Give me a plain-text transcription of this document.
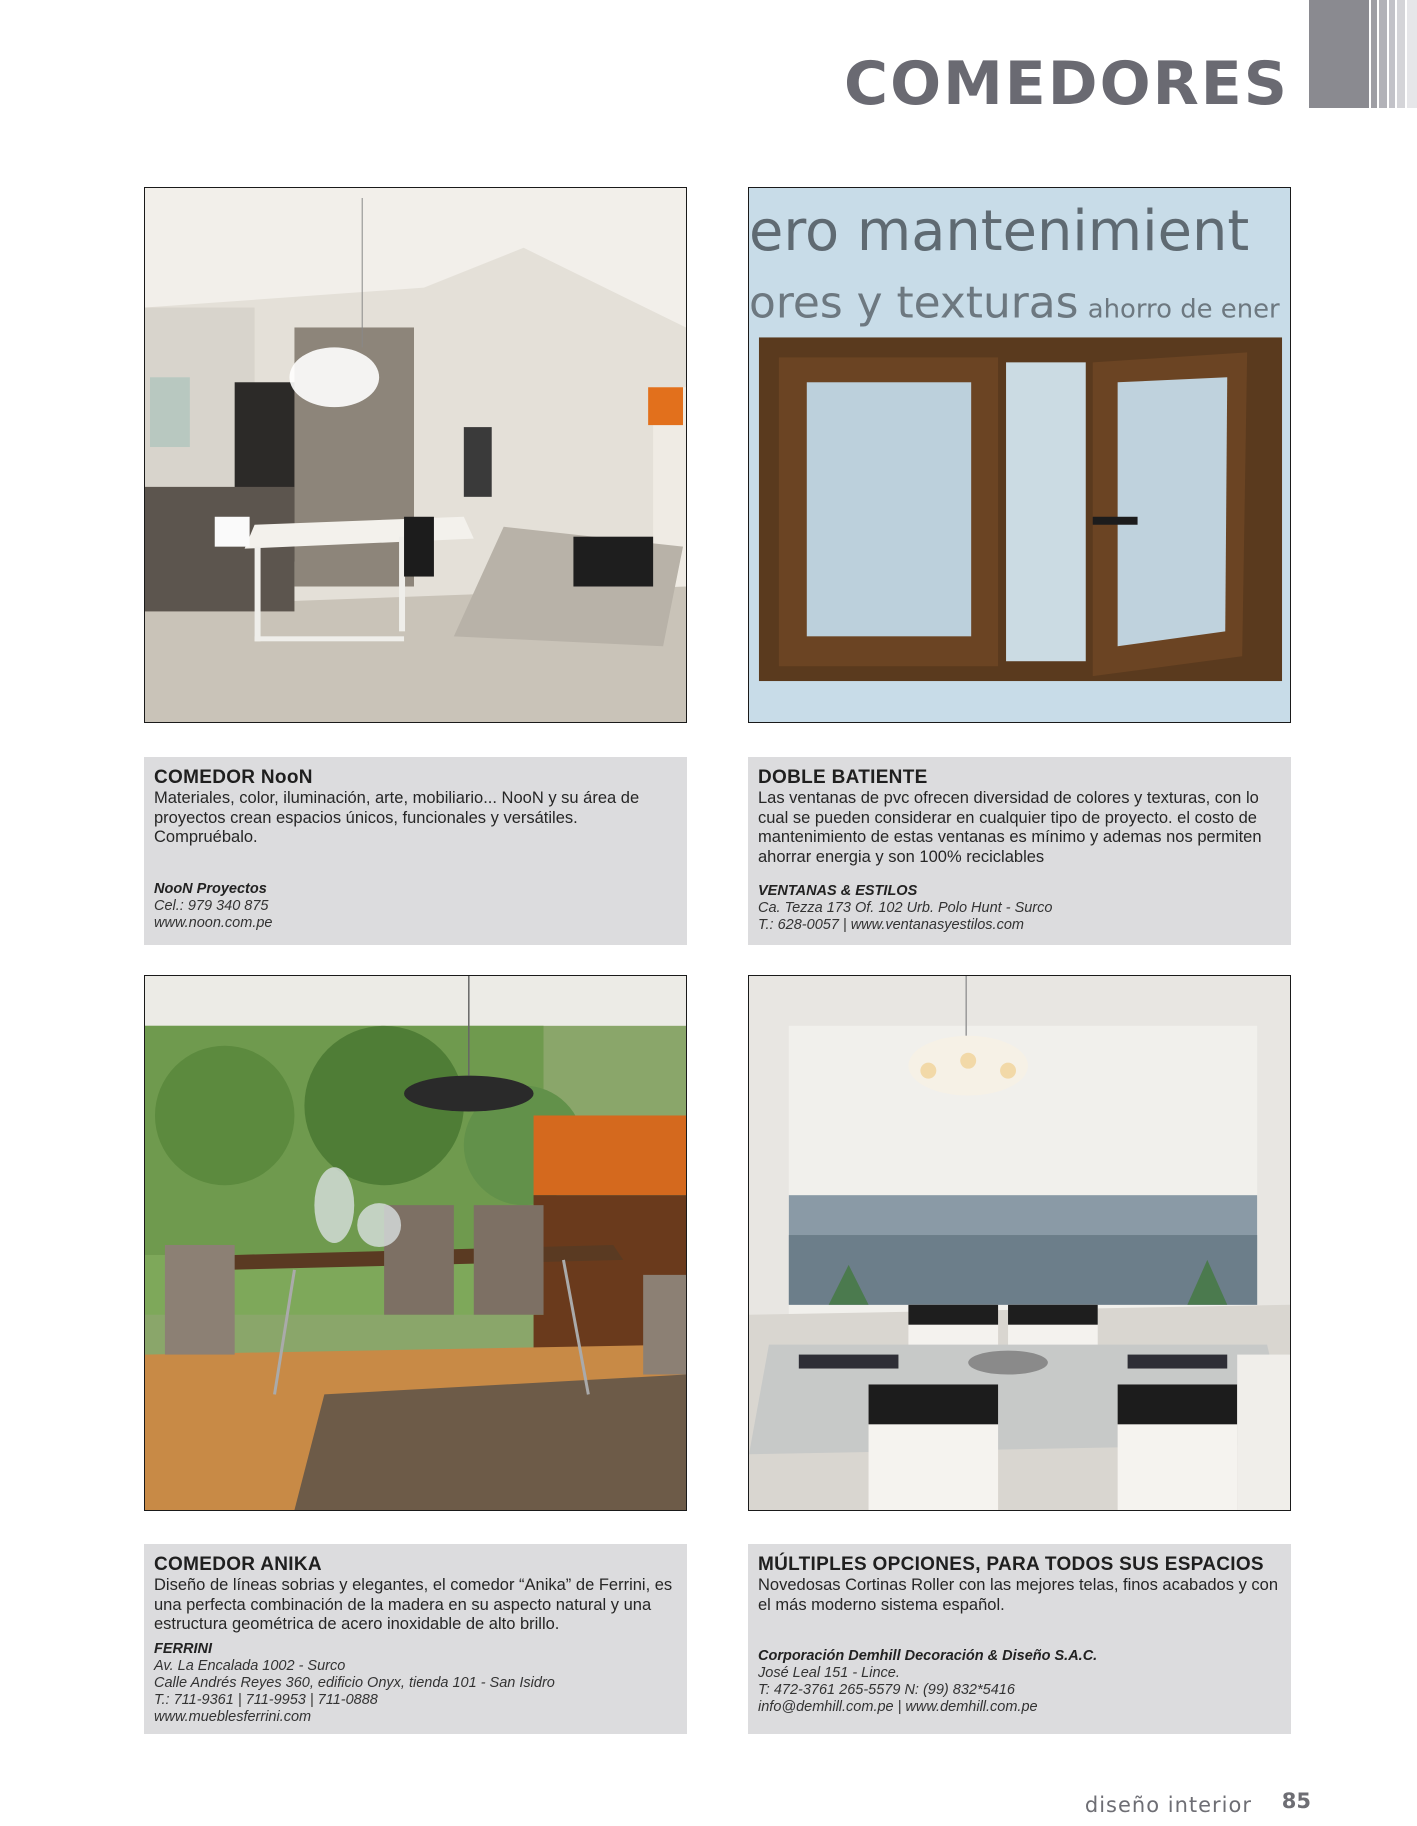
COMEDORES
ero mantenimient
ores y texturas ahorro de ener
COMEDOR NooN

Materiales, color, iluminación, arte, mobiliario... NooN y su área de proyectos crean espacios únicos, funcionales y versátiles. Compruébalo.

NooN Proyectos
Cel.: 979 340 875
www.noon.com.pe
DOBLE BATIENTE

Las ventanas de pvc ofrecen diversidad de colores y texturas, con lo cual se pueden considerar en cualquier tipo de proyecto. el costo de mantenimiento de estas ventanas es mínimo y ademas nos permiten ahorrar energia y son 100% reciclables

VENTANAS & ESTILOS
Ca. Tezza 173 Of. 102 Urb. Polo Hunt - Surco
T.: 628-0057 | www.ventanasyestilos.com
COMEDOR ANIKA

Diseño de líneas sobrias y elegantes, el comedor “Anika” de Ferrini, es una perfecta combinación de la madera en su aspecto natural y una estructura geométrica de acero inoxidable de alto brillo.

FERRINI
Av. La Encalada 1002 - Surco
Calle Andrés Reyes 360, edificio Onyx, tienda 101 - San Isidro
T.: 711-9361 | 711-9953 | 711-0888
www.mueblesferrini.com
MÚLTIPLES OPCIONES, PARA TODOS SUS ESPACIOS

Novedosas Cortinas Roller con las mejores telas, finos acabados y con el más moderno sistema español.

Corporación Demhill Decoración & Diseño S.A.C.
José Leal 151 - Lince.
T: 472-3761 265-5579 N: (99) 832*5416
info@demhill.com.pe | www.demhill.com.pe
diseño interior 85
